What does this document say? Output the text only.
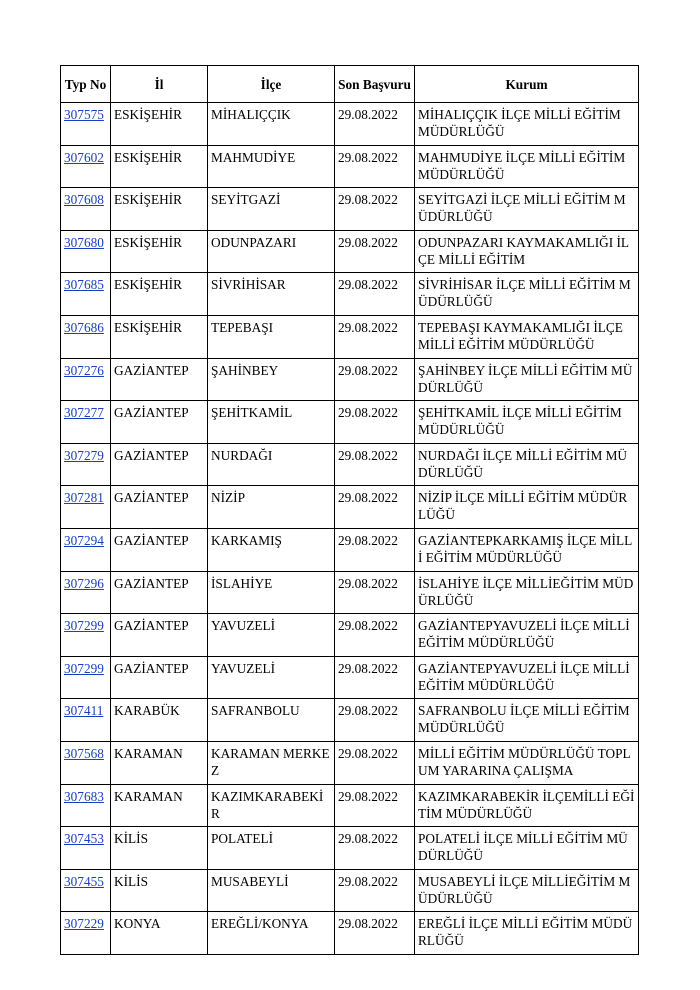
Typ No	İl	İlçe	Son Başvuru	Kurum
307575	ESKİŞEHİR	MİHALIÇÇIK	29.08.2022	MİHALIÇÇIK İLÇE MİLLİ EĞİTİM MÜDÜRLÜĞÜ
307602	ESKİŞEHİR	MAHMUDİYE	29.08.2022	MAHMUDİYE İLÇE MİLLİ EĞİTİM MÜDÜRLÜĞÜ
307608	ESKİŞEHİR	SEYİTGAZİ	29.08.2022	SEYİTGAZİ İLÇE MİLLİ EĞİTİM MÜDÜRLÜĞÜ
307680	ESKİŞEHİR	ODUNPAZARI	29.08.2022	ODUNPAZARI KAYMAKAMLIĞI İLÇE MİLLİ EĞİTİM
307685	ESKİŞEHİR	SİVRİHİSAR	29.08.2022	SİVRİHİSAR İLÇE MİLLİ EĞİTİM MÜDÜRLÜĞÜ
307686	ESKİŞEHİR	TEPEBAŞI	29.08.2022	TEPEBAŞI KAYMAKAMLIĞI İLÇE MİLLİ EĞİTİM MÜDÜRLÜĞÜ
307276	GAZİANTEP	ŞAHİNBEY	29.08.2022	ŞAHİNBEY İLÇE MİLLİ EĞİTİM MÜDÜRLÜĞÜ
307277	GAZİANTEP	ŞEHİTKAMİL	29.08.2022	ŞEHİTKAMİL İLÇE MİLLİ EĞİTİM MÜDÜRLÜĞÜ
307279	GAZİANTEP	NURDAĞI	29.08.2022	NURDAĞI İLÇE MİLLİ EĞİTİM MÜDÜRLÜĞÜ
307281	GAZİANTEP	NİZİP	29.08.2022	NİZİP İLÇE MİLLİ EĞİTİM MÜDÜRLÜĞÜ
307294	GAZİANTEP	KARKAMIŞ	29.08.2022	GAZİANTEPKARKAMIŞ İLÇE MİLLİ EĞİTİM MÜDÜRLÜĞÜ
307296	GAZİANTEP	İSLAHİYE	29.08.2022	İSLAHİYE İLÇE MİLLİEĞİTİM MÜDÜRLÜĞÜ
307299	GAZİANTEP	YAVUZELİ	29.08.2022	GAZİANTEPYAVUZELİ İLÇE MİLLİ EĞİTİM MÜDÜRLÜĞÜ
307299	GAZİANTEP	YAVUZELİ	29.08.2022	GAZİANTEPYAVUZELİ İLÇE MİLLİ EĞİTİM MÜDÜRLÜĞÜ
307411	KARABÜK	SAFRANBOLU	29.08.2022	SAFRANBOLU İLÇE MİLLİ EĞİTİM MÜDÜRLÜĞÜ
307568	KARAMAN	KARAMAN MERKEZ	29.08.2022	MİLLİ EĞİTİM MÜDÜRLÜĞÜ TOPLUM YARARINA ÇALIŞMA
307683	KARAMAN	KAZIMKARABEKİR	29.08.2022	KAZIMKARABEKİR İLÇEMİLLİ EĞİTİM MÜDÜRLÜĞÜ
307453	KİLİS	POLATELİ	29.08.2022	POLATELİ İLÇE MİLLİ EĞİTİM MÜDÜRLÜĞÜ
307455	KİLİS	MUSABEYLİ	29.08.2022	MUSABEYLİ İLÇE MİLLİEĞİTİM MÜDÜRLÜĞÜ
307229	KONYA	EREĞLİ/KONYA	29.08.2022	EREĞLİ İLÇE MİLLİ EĞİTİM MÜDÜRLÜĞÜ
